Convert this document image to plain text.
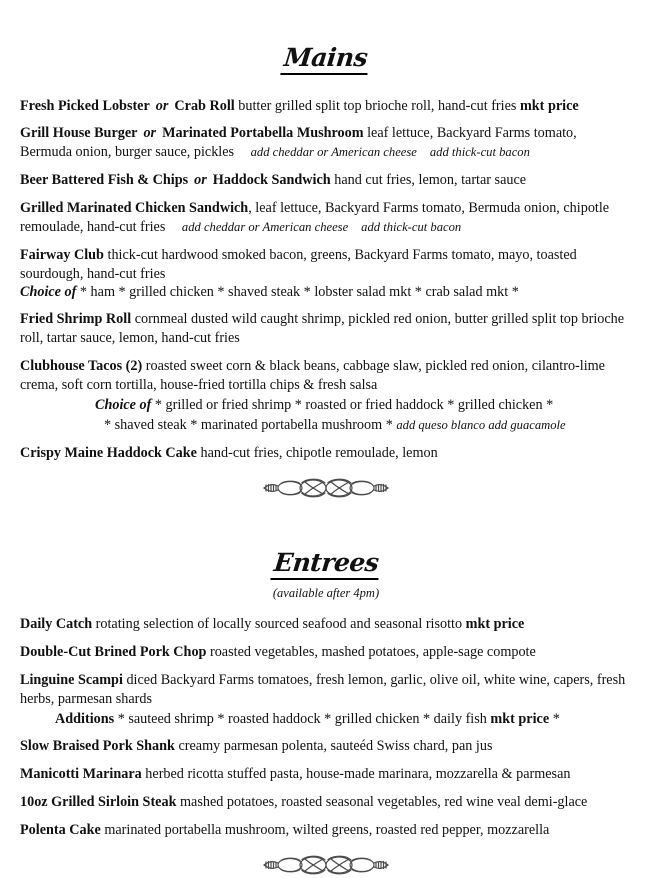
Mains

Fresh Picked Lobster or Crab Roll butter grilled split top brioche roll, hand-cut fries mkt price

Grill House Burger or Marinated Portabella Mushroom leaf lettuce, Backyard Farms tomato, Bermuda onion, burger sauce, pickles add cheddar or American cheese add thick-cut bacon

Beer Battered Fish & Chips or Haddock Sandwich hand cut fries, lemon, tartar sauce

Grilled Marinated Chicken Sandwich, leaf lettuce, Backyard Farms tomato, Bermuda onion, chipotle remoulade, hand-cut fries add cheddar or American cheese add thick-cut bacon

Fairway Club thick-cut hardwood smoked bacon, greens, Backyard Farms tomato, mayo, toasted sourdough, hand-cut fries

Choice of * ham * grilled chicken * shaved steak * lobster salad mkt * crab salad mkt *

Fried Shrimp Roll cornmeal dusted wild caught shrimp, pickled red onion, butter grilled split top brioche roll, tartar sauce, lemon, hand-cut fries

Clubhouse Tacos (2) roasted sweet corn & black beans, cabbage slaw, pickled red onion, cilantro-lime crema, soft corn tortilla, house-fried tortilla chips & fresh salsa

Choice of * grilled or fried shrimp * roasted or fried haddock * grilled chicken *

* shaved steak * marinated portabella mushroom * add queso blanco add guacamole

Crispy Maine Haddock Cake hand-cut fries, chipotle remoulade, lemon

Entrees
(available after 4pm)

Daily Catch rotating selection of locally sourced seafood and seasonal risotto mkt price

Double-Cut Brined Pork Chop roasted vegetables, mashed potatoes, apple-sage compote

Linguine Scampi diced Backyard Farms tomatoes, fresh lemon, garlic, olive oil, white wine, capers, fresh herbs, parmesan shards

Additions * sauteed shrimp * roasted haddock * grilled chicken * daily fish mkt price *

Slow Braised Pork Shank creamy parmesan polenta, sauteéd Swiss chard, pan jus

Manicotti Marinara herbed ricotta stuffed pasta, house-made marinara, mozzarella & parmesan

10oz Grilled Sirloin Steak mashed potatoes, roasted seasonal vegetables, red wine veal demi-glace

Polenta Cake marinated portabella mushroom, wilted greens, roasted red pepper, mozzarella
